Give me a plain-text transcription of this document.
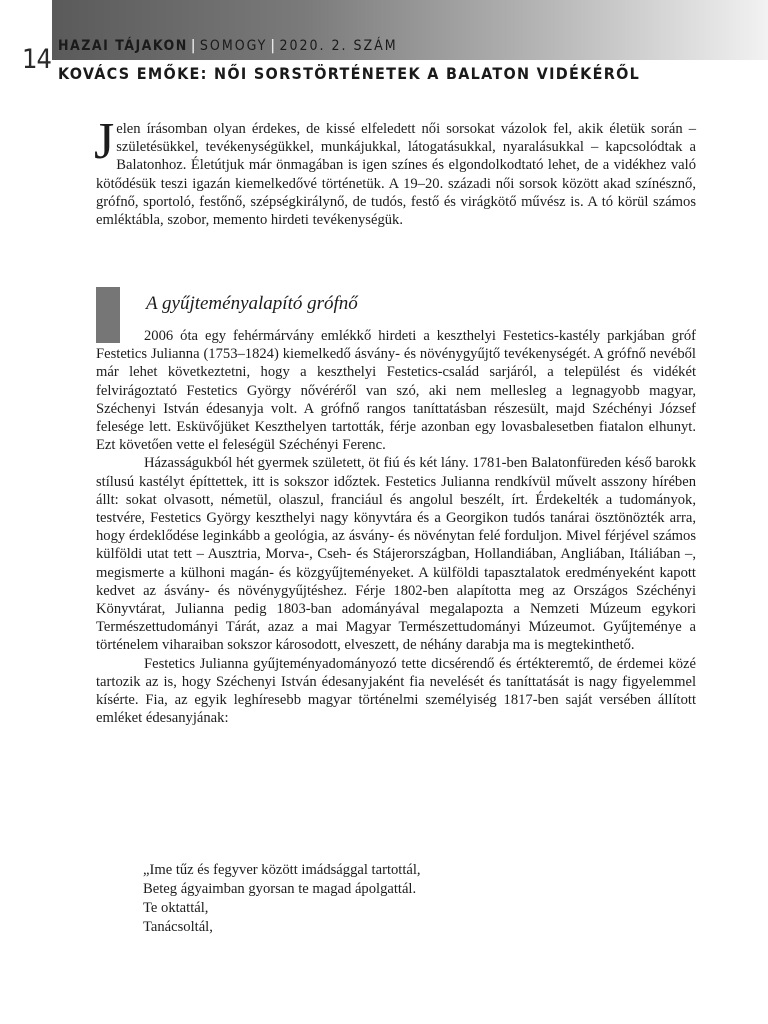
14 HAZAI TÁJAKON | SOMOGY | 2020. 2. SZÁM
KOVÁCS EMŐKE: NŐI SORSTÖRTÉNETEK A BALATON VIDÉKÉRŐL
Jelen írásomban olyan érdekes, de kissé elfeledett női sorsokat vázolok fel, akik életük során – születésükkel, tevékenységükkel, munkájukkal, látogatásukkal, nyaralásukkal – kapcsolódtak a Balatonhoz. Életútjuk már önmagában is igen színes és elgondolkodtató lehet, de a vidékhez való kötődésük teszi igazán kiemelkedővé történetük. A 19–20. századi női sorsok között akad színésznő, grófnő, sportoló, festőnő, szépségkirálynő, de tudós, festő és virágkötő művész is. A tó körül számos emléktábla, szobor, memento hirdeti tevékenységük.
A gyűjteményalapító grófnő

2006 óta egy fehérmárvány emlékkő hirdeti a keszthelyi Festetics-kastély parkjában gróf Festetics Julianna (1753–1824) kiemelkedő ásvány- és növénygyűjtő tevékenységét. A grófnő nevéből már lehet következtetni, hogy a keszthelyi Festetics-család sarjáról, a települést és vidékét felvirágoztató Festetics György nővéréről van szó, aki nem mellesleg a legnagyobb magyar, Széchenyi István édesanyja volt. A grófnő rangos taníttatásban részesült, majd Széchényi József felesége lett. Esküvőjüket Keszthelyen tartották, férje azonban egy lovasbalesetben fiatalon elhunyt. Ezt követően vette el feleségül Széchényi Ferenc.

Házasságukból hét gyermek született, öt fiú és két lány. 1781-ben Balatonfüreden késő barokk stílusú kastélyt építtettek, itt is sokszor időztek. Festetics Julianna rendkívül művelt asszony hírében állt: sokat olvasott, németül, olaszul, franciául és angolul beszélt, írt. Érdekelték a tudományok, testvére, Festetics György keszthelyi nagy könyvtára és a Georgikon tudós tanárai ösztönözték arra, hogy érdeklődése leginkább a geológia, az ásvány- és növénytan felé forduljon. Mivel férjével számos külföldi utat tett – Ausztria, Morva-, Cseh- és Stájerországban, Hollandiában, Angliában, Itáliában –, megismerte a külhoni magán- és közgyűjteményeket. A külföldi tapasztalatok eredményeként kapott kedvet az ásvány- és növénygyűjtéshez. Férje 1802-ben alapította meg az Országos Széchényi Könyvtárat, Julianna pedig 1803-ban adományával megalapozta a Nemzeti Múzeum egykori Természettudományi Tárát, azaz a mai Magyar Természettudományi Múzeumot. Gyűjteménye a történelem viharaiban sokszor károsodott, elveszett, de néhány darabja ma is megtekinthető.

Festetics Julianna gyűjteményadományozó tette dicsérendő és értékteremtő, de érdemei közé tartozik az is, hogy Széchenyi István édesanyjaként fia nevelését és taníttatását is nagy figyelemmel kísérte. Fia, az egyik leghíresebb magyar történelmi személyiség 1817-ben saját versében állított emléket édesanyjának:

„Ime tűz és fegyver között imádsággal tartottál,
Beteg ágyaimban gyorsan te magad ápolgattál.
Te oktattál,
Tanácsoltál,
